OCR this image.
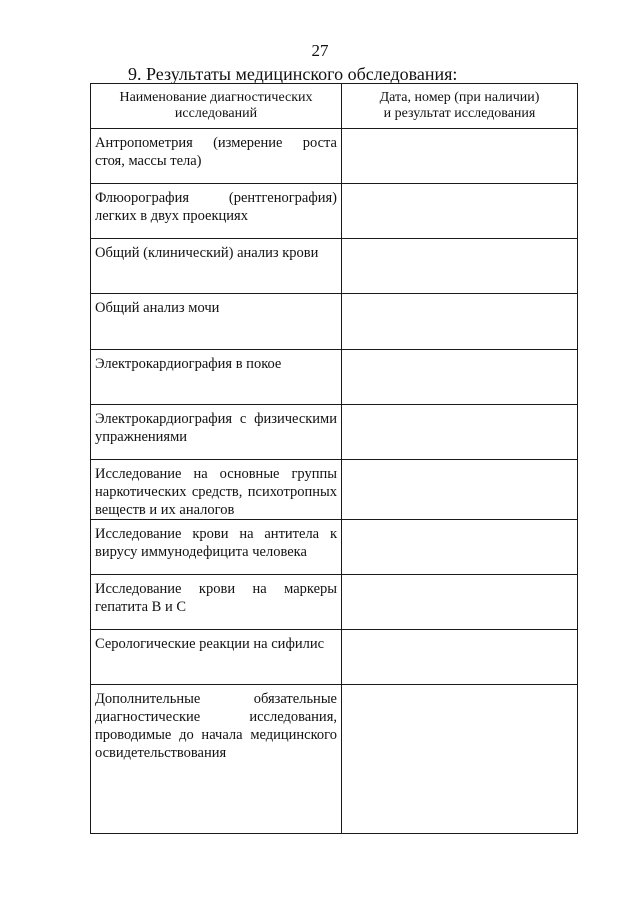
27
9. Результаты медицинского обследования:
Наименование диагностических
исследований	Дата, номер (при наличии)
и результат исследования

Антропометрия (измерение роста стоя, массы тела)	

Флюорография (рентгенография) легких в двух проекциях	

Общий (клинический) анализ крови	

Общий анализ мочи	

Электрокардиография в покое	

Электрокардиография с физическими упражнениями	

Исследование на основные группы наркотических средств, психотропных веществ и их аналогов	

Исследование крови на антитела к вирусу иммунодефицита человека	

Исследование крови на маркеры гепатита B и C	

Серологические реакции на сифилис	

Дополнительные обязательные диагностические исследования, проводимые до начала медицинского освидетельствования	
